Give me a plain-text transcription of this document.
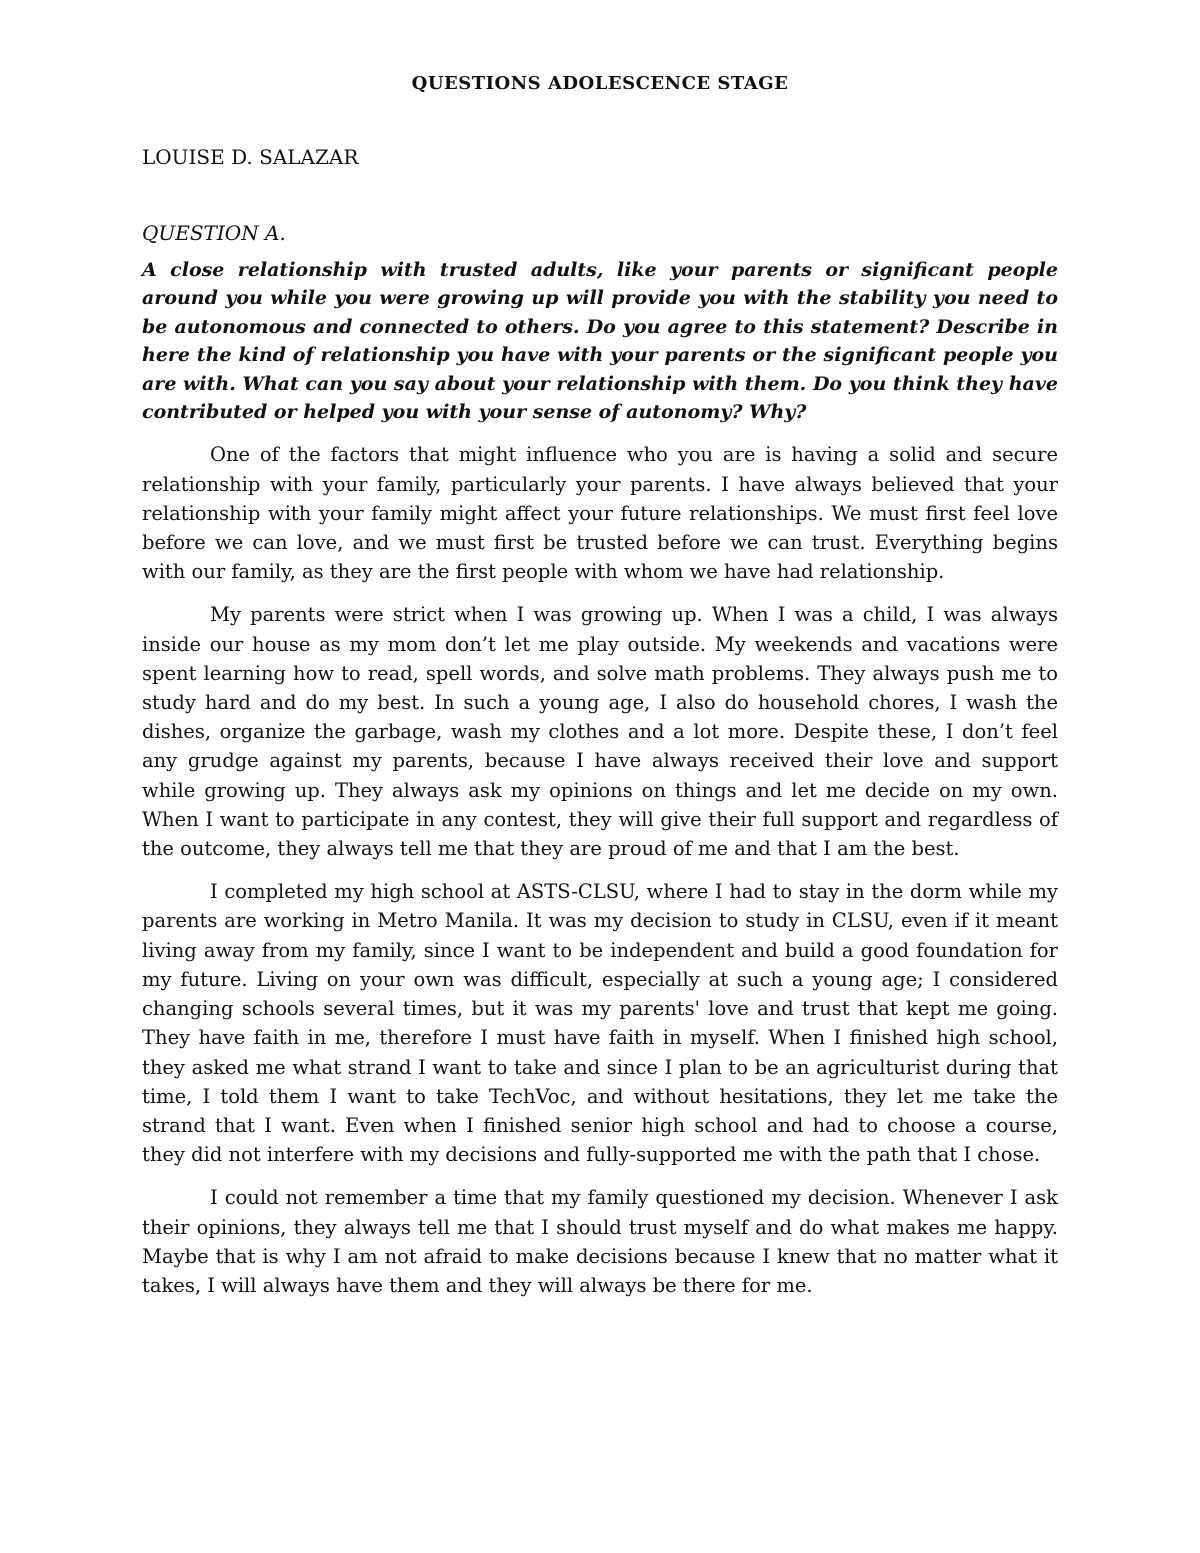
QUESTIONS ADOLESCENCE STAGE

LOUISE D. SALAZAR

QUESTION A.

A close relationship with trusted adults, like your parents or significant people around you while you were growing up will provide you with the stability you need to be autonomous and connected to others. Do you agree to this statement? Describe in here the kind of relationship you have with your parents or the significant people you are with. What can you say about your relationship with them. Do you think they have contributed or helped you with your sense of autonomy? Why?

One of the factors that might influence who you are is having a solid and secure relationship with your family, particularly your parents. I have always believed that your relationship with your family might affect your future relationships. We must first feel love before we can love, and we must first be trusted before we can trust. Everything begins with our family, as they are the first people with whom we have had relationship.

My parents were strict when I was growing up. When I was a child, I was always inside our house as my mom don’t let me play outside. My weekends and vacations were spent learning how to read, spell words, and solve math problems. They always push me to study hard and do my best. In such a young age, I also do household chores, I wash the dishes, organize the garbage, wash my clothes and a lot more. Despite these, I don’t feel any grudge against my parents, because I have always received their love and support while growing up. They always ask my opinions on things and let me decide on my own. When I want to participate in any contest, they will give their full support and regardless of the outcome, they always tell me that they are proud of me and that I am the best.

I completed my high school at ASTS-CLSU, where I had to stay in the dorm while my parents are working in Metro Manila. It was my decision to study in CLSU, even if it meant living away from my family, since I want to be independent and build a good foundation for my future. Living on your own was difficult, especially at such a young age; I considered changing schools several times, but it was my parents' love and trust that kept me going. They have faith in me, therefore I must have faith in myself. When I finished high school, they asked me what strand I want to take and since I plan to be an agriculturist during that time, I told them I want to take TechVoc, and without hesitations, they let me take the strand that I want. Even when I finished senior high school and had to choose a course, they did not interfere with my decisions and fully-supported me with the path that I chose.

I could not remember a time that my family questioned my decision. Whenever I ask their opinions, they always tell me that I should trust myself and do what makes me happy. Maybe that is why I am not afraid to make decisions because I knew that no matter what it takes, I will always have them and they will always be there for me.
